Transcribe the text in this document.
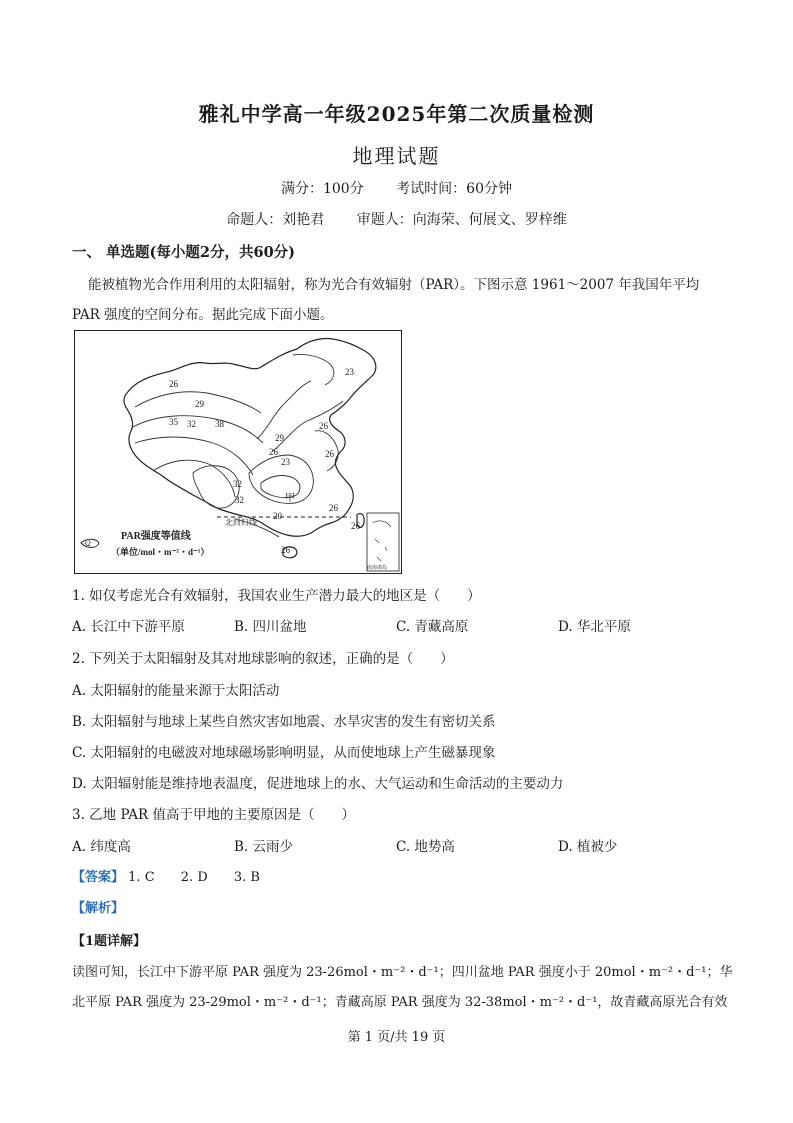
雅礼中学高一年级2025年第二次质量检测
地理试题
满分：100分 考试时间：60分钟
命题人：刘艳君 审题人：向海荣、何展文、罗梓维
一、 单选题(每小题2分，共60分)
能被植物光合作用利用的太阳辐射，称为光合有效辐射（PAR）。下图示意 1961～2007 年我国年平均
PAR 强度的空间分布。据此完成下面小题。
26
23
29
32
35	26
26
29
32
23
26
38
32
20
26
26
26
甲
北回归线
南海诸岛
32
PAR强度等值线
（单位/mol・m⁻²・d⁻¹）
1. 如仅考虑光合有效辐射，我国农业生产潜力最大的地区是（　　）
A. 长江中下游平原	B. 四川盆地	C. 青藏高原	D. 华北平原
2. 下列关于太阳辐射及其对地球影响的叙述，正确的是（　　）
A. 太阳辐射的能量来源于太阳活动
B. 太阳辐射与地球上某些自然灾害如地震、水旱灾害的发生有密切关系
C. 太阳辐射的电磁波对地球磁场影响明显，从而使地球上产生磁暴现象
D. 太阳辐射能是维持地表温度，促进地球上的水、大气运动和生命活动的主要动力
3. 乙地 PAR 值高于甲地的主要原因是（　　）
A. 纬度高	B. 云雨少	C. 地势高	D. 植被少
【答案】 1. C 2. D 3. B
【解析】
【1题详解】
读图可知，长江中下游平原 PAR 强度为 23-26mol・m⁻²・d⁻¹；四川盆地 PAR 强度小于 20mol・m⁻²・d⁻¹；华
北平原 PAR 强度为 23-29mol・m⁻²・d⁻¹；青藏高原 PAR 强度为 32-38mol・m⁻²・d⁻¹，故青藏高原光合有效
第 1 页/共 19 页
